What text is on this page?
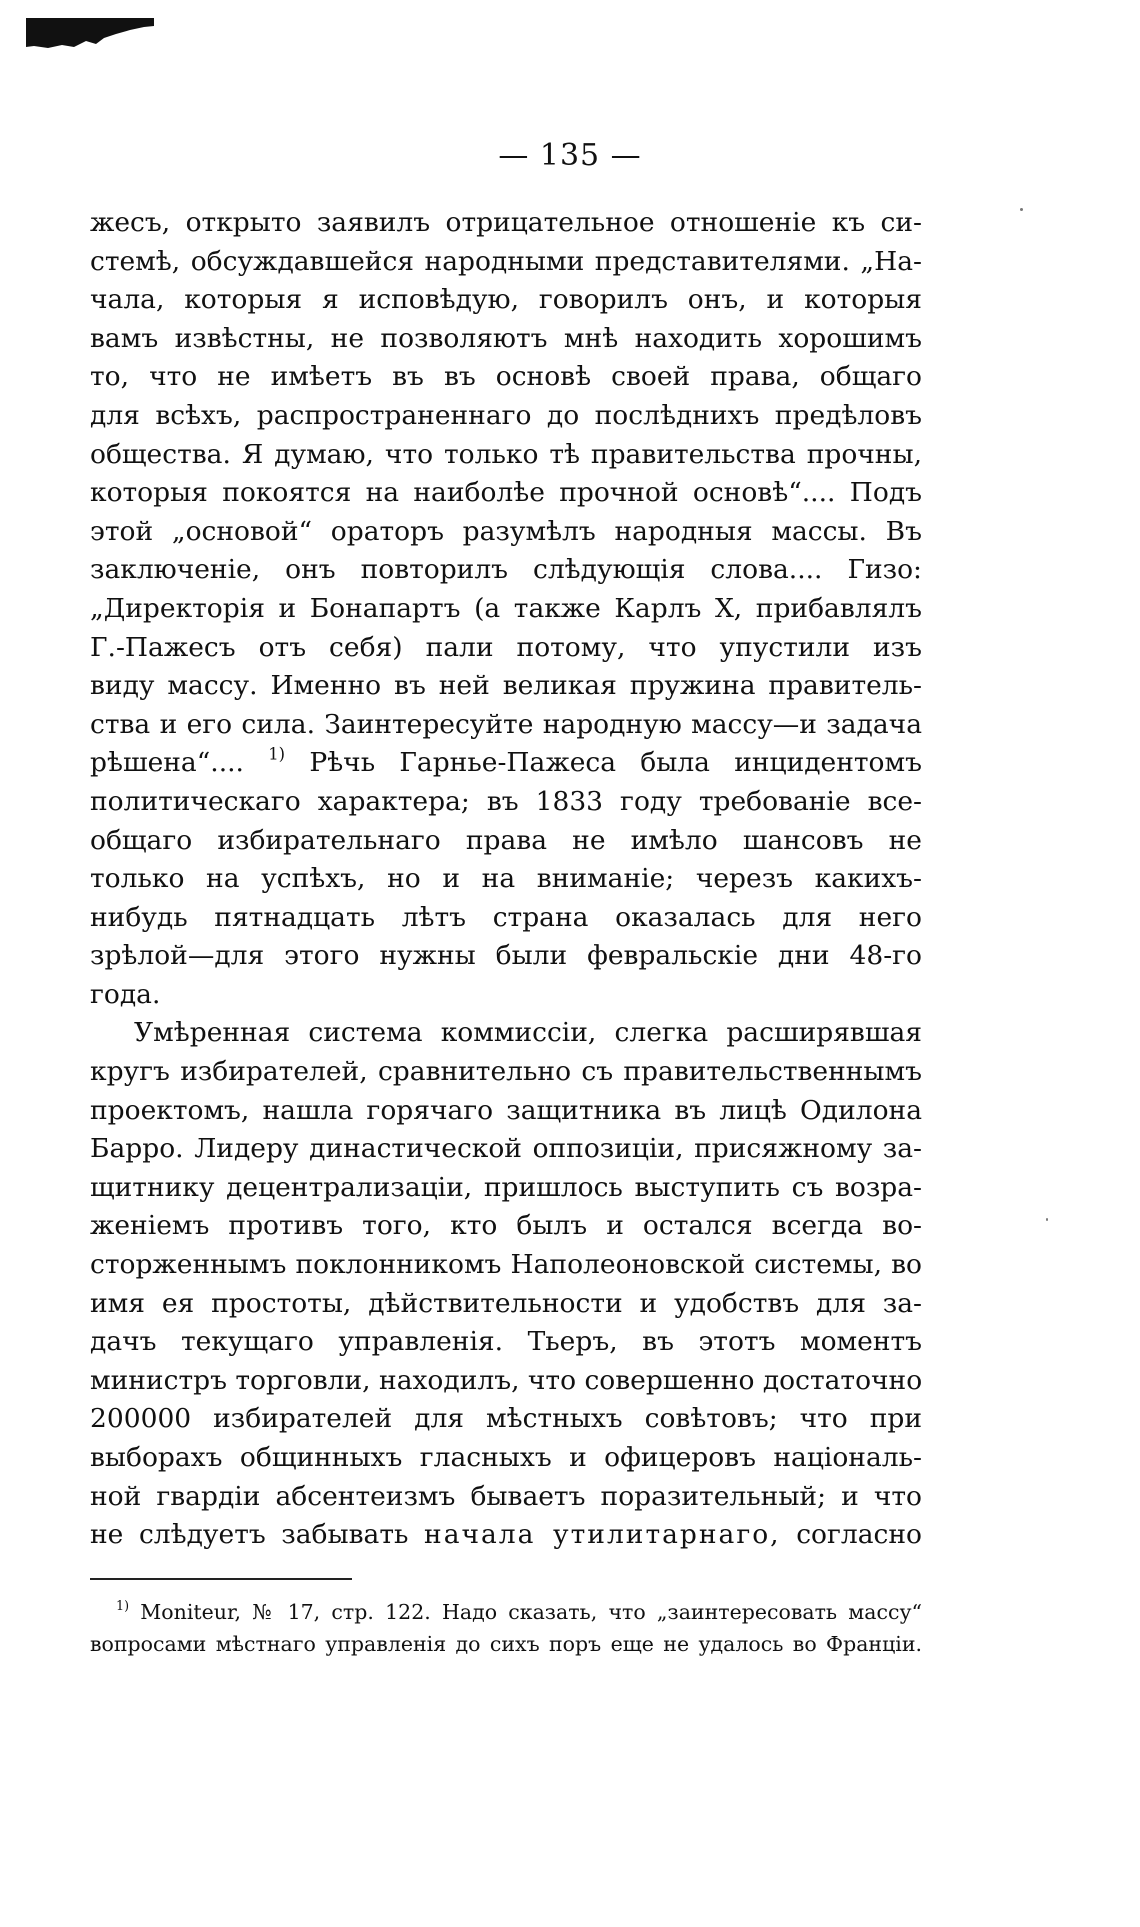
— 135 —
жесъ, открыто заявилъ отрицательное отношеніе къ си-
стемѣ, обсуждавшейся народными представителями. „На-
чала, которыя я исповѣдую, говорилъ онъ, и которыя
вамъ извѣстны, не позволяютъ мнѣ находить хорошимъ
то, что не имѣетъ въ въ основѣ своей права, общаго
для всѣхъ, распространеннаго до послѣднихъ предѣловъ
общества. Я думаю, что только тѣ правительства прочны,
которыя покоятся на наиболѣе прочной основѣ“.... Подъ
этой „основой“ ораторъ разумѣлъ народныя массы. Въ
заключеніе, онъ повторилъ слѣдующія слова.... Гизо:
„Директорія и Бонапартъ (а также Карлъ X, прибавлялъ
Г.-Пажесъ отъ себя) пали потому, что упустили изъ
виду массу. Именно въ ней великая пружина правитель-
ства и его сила. Заинтересуйте народную массу—и задача
рѣшена“.... $^{1)}$ Рѣчь Гарнье-Пажеса была инцидентомъ
политическаго характера; въ 1833 году требованіе все-
общаго избирательнаго права не имѣло шансовъ не
только на успѣхъ, но и на вниманіе; черезъ какихъ-
нибудь пятнадцать лѣтъ страна оказалась для него
зрѣлой—для этого нужны были февральскіе дни 48-го
года.
Умѣренная система коммиссіи, слегка расширявшая
кругъ избирателей, сравнительно съ правительственнымъ
проектомъ, нашла горячаго защитника въ лицѣ Одилона
Барро. Лидеру династической оппозиціи, присяжному за-
щитнику децентрализаціи, пришлось выступить съ возра-
женіемъ противъ того, кто былъ и остался всегда во-
сторженнымъ поклонникомъ Наполеоновской системы, во
имя ея простоты, дѣйствительности и удобствъ для за-
дачъ текущаго управленія. Тьеръ, въ этотъ моментъ
министръ торговли, находилъ, что совершенно достаточно
200000 избирателей для мѣстныхъ совѣтовъ; что при
выборахъ общинныхъ гласныхъ и офицеровъ національ-
ной гвардіи абсентеизмъ бываетъ поразительный; и что
не слѣдуетъ забывать начала утилитарнаго, согласно
$^{1)}$ Moniteur, № 17, стр. 122. Надо сказать, что „заинтересовать массу“
вопросами мѣстнаго управленія до сихъ поръ еще не удалось во Франціи.
